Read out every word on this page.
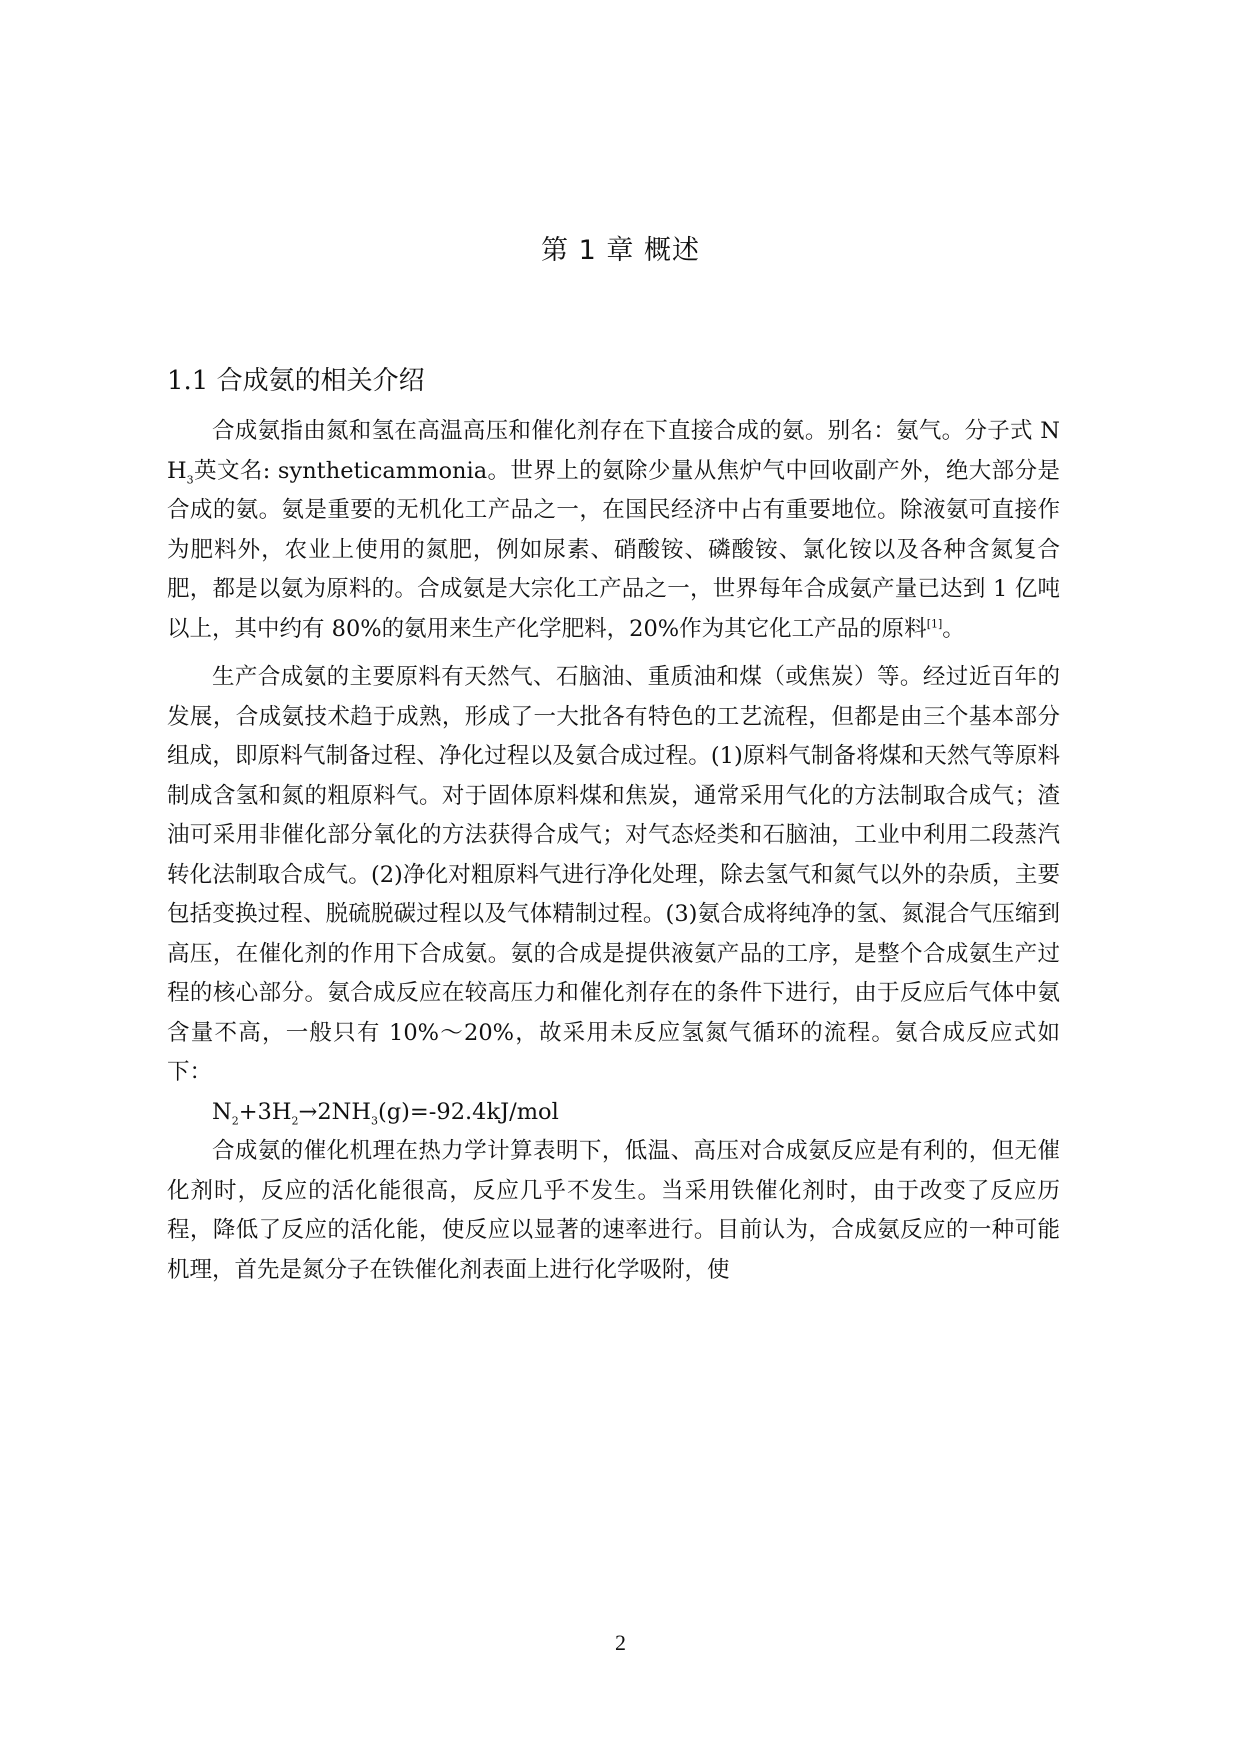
第 1 章 概述
1.1 合成氨的相关介绍

合成氨指由氮和氢在高温高压和催化剂存在下直接合成的氨。别名：氨气。分子式 $NH_3$英文名: syntheticammonia。世界上的氨除少量从焦炉气中回收副产外，绝大部分是合成的氨。氨是重要的无机化工产品之一，在国民经济中占有重要地位。除液氨可直接作为肥料外，农业上使用的氮肥，例如尿素、硝酸铵、磷酸铵、氯化铵以及各种含氮复合肥，都是以氨为原料的。合成氨是大宗化工产品之一，世界每年合成氨产量已达到 1 亿吨以上，其中约有 80%的氨用来生产化学肥料，20%作为其它化工产品的原料[1]。

生产合成氨的主要原料有天然气、石脑油、重质油和煤（或焦炭）等。经过近百年的发展，合成氨技术趋于成熟，形成了一大批各有特色的工艺流程，但都是由三个基本部分组成，即原料气制备过程、净化过程以及氨合成过程。(1)原料气制备将煤和天然气等原料制成含氢和氮的粗原料气。对于固体原料煤和焦炭，通常采用气化的方法制取合成气；渣油可采用非催化部分氧化的方法获得合成气；对气态烃类和石脑油，工业中利用二段蒸汽转化法制取合成气。(2)净化对粗原料气进行净化处理，除去氢气和氮气以外的杂质，主要包括变换过程、脱硫脱碳过程以及气体精制过程。(3)氨合成将纯净的氢、氮混合气压缩到高压，在催化剂的作用下合成氨。氨的合成是提供液氨产品的工序，是整个合成氨生产过程的核心部分。氨合成反应在较高压力和催化剂存在的条件下进行，由于反应后气体中氨含量不高，一般只有 10%～20%，故采用未反应氢氮气循环的流程。氨合成反应式如下：

$N_2+3H_2\to 2NH_3(g)=-92.4kJ$/mol

合成氨的催化机理在热力学计算表明下，低温、高压对合成氨反应是有利的，但无催化剂时，反应的活化能很高，反应几乎不发生。当采用铁催化剂时，由于改变了反应历程，降低了反应的活化能，使反应以显著的速率进行。目前认为，合成氨反应的一种可能机理，首先是氮分子在铁催化剂表面上进行化学吸附，使

2
